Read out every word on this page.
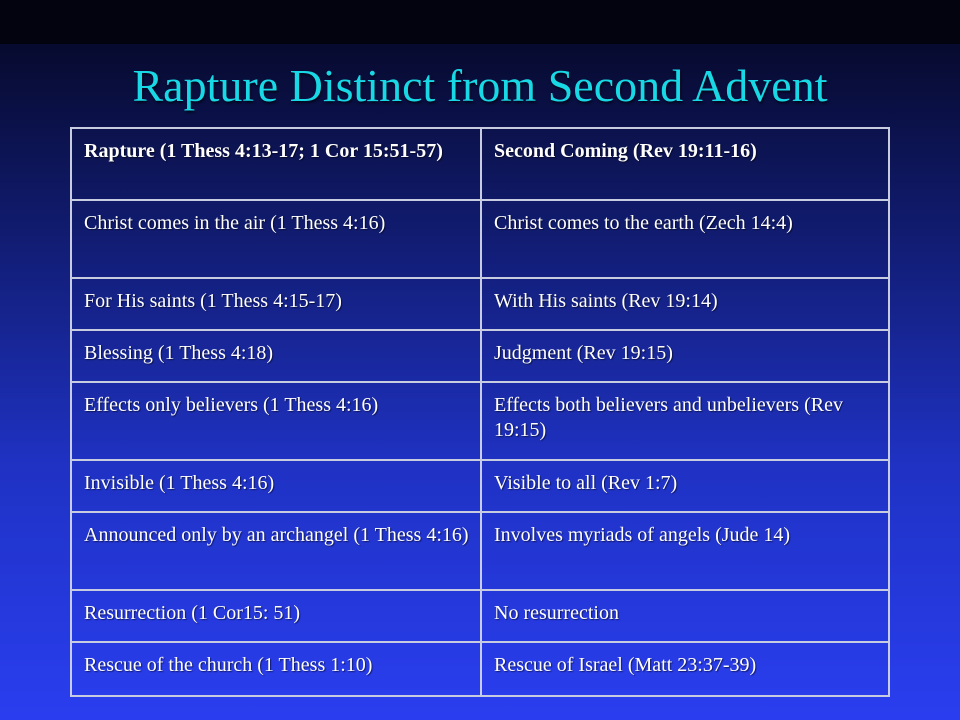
Rapture Distinct from Second Advent
Rapture (1 Thess 4:13-17; 1 Cor 15:51-57)	Second Coming (Rev 19:11-16)
Christ comes in the air (1 Thess 4:16)	Christ comes to the earth (Zech 14:4)
For His saints (1 Thess 4:15-17)	With His saints (Rev 19:14)
Blessing (1 Thess 4:18)	Judgment (Rev 19:15)
Effects only believers (1 Thess 4:16)	Effects both believers and unbelievers (Rev 19:15)
Invisible (1 Thess 4:16)	Visible to all (Rev 1:7)
Announced only by an archangel (1 Thess 4:16)	Involves myriads of angels (Jude 14)
Resurrection (1 Cor15: 51)	No resurrection
Rescue of the church (1 Thess 1:10)	Rescue of Israel (Matt 23:37-39)
